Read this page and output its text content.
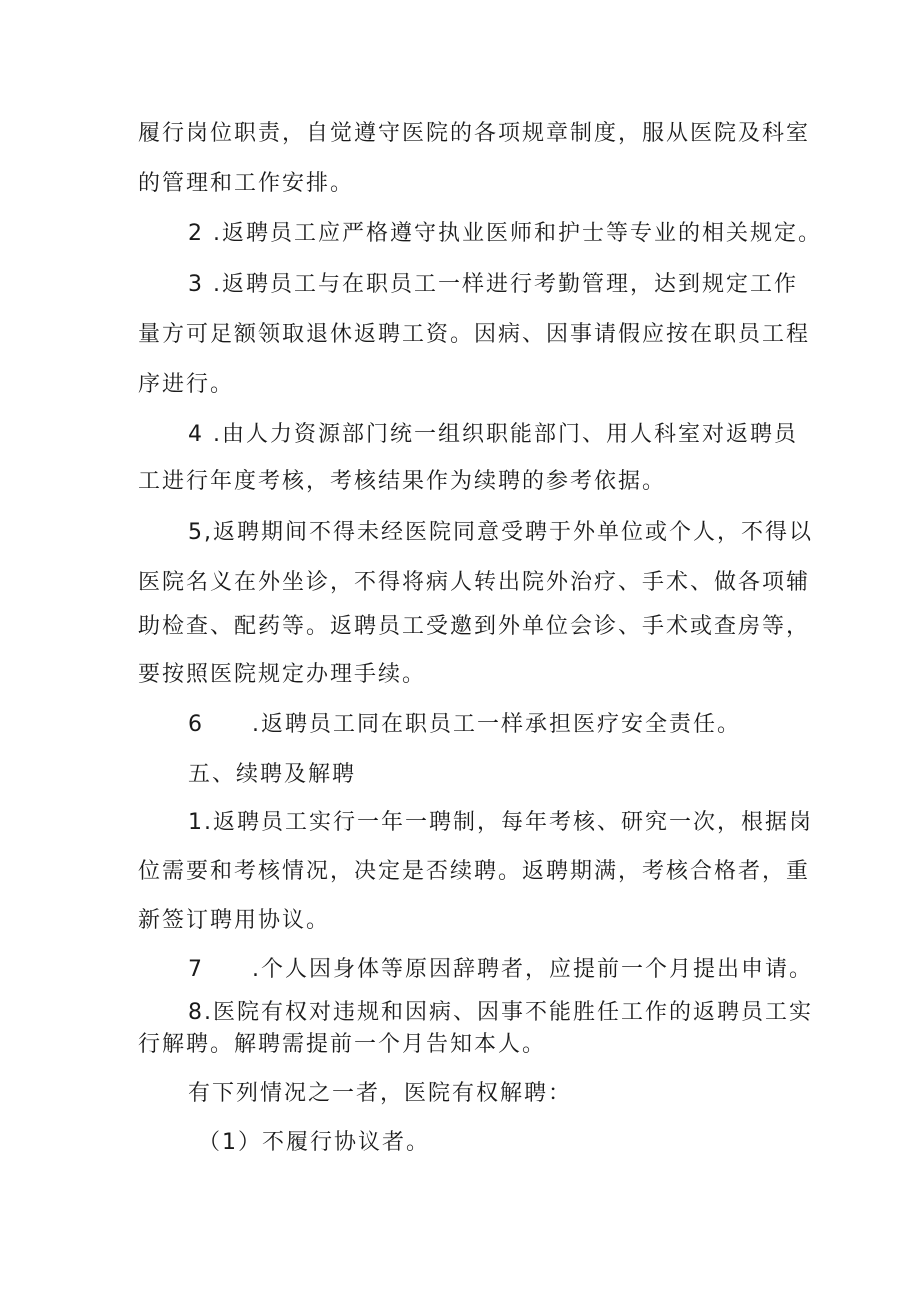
履行岗位职责，自觉遵守医院的各项规章制度，服从医院及科室
的管理和工作安排。
2 .返聘员工应严格遵守执业医师和护士等专业的相关规定。
3 .返聘员工与在职员工一样进行考勤管理，达到规定工作
量方可足额领取退休返聘工资。因病、因事请假应按在职员工程
序进行。
4 .由人力资源部门统一组织职能部门、用人科室对返聘员
工进行年度考核，考核结果作为续聘的参考依据。
5,返聘期间不得未经医院同意受聘于外单位或个人，不得以
医院名义在外坐诊，不得将病人转出院外治疗、手术、做各项辅
助检查、配药等。返聘员工受邀到外单位会诊、手术或查房等，
要按照医院规定办理手续。
6　　.返聘员工同在职员工一样承担医疗安全责任。
五、续聘及解聘
1.返聘员工实行一年一聘制，每年考核、研究一次，根据岗
位需要和考核情况，决定是否续聘。返聘期满，考核合格者，重
新签订聘用协议。
7　　.个人因身体等原因辞聘者，应提前一个月提出申请。
8.医院有权对违规和因病、因事不能胜任工作的返聘员工实
行解聘。解聘需提前一个月告知本人。
有下列情况之一者，医院有权解聘：
（1）不履行协议者。
